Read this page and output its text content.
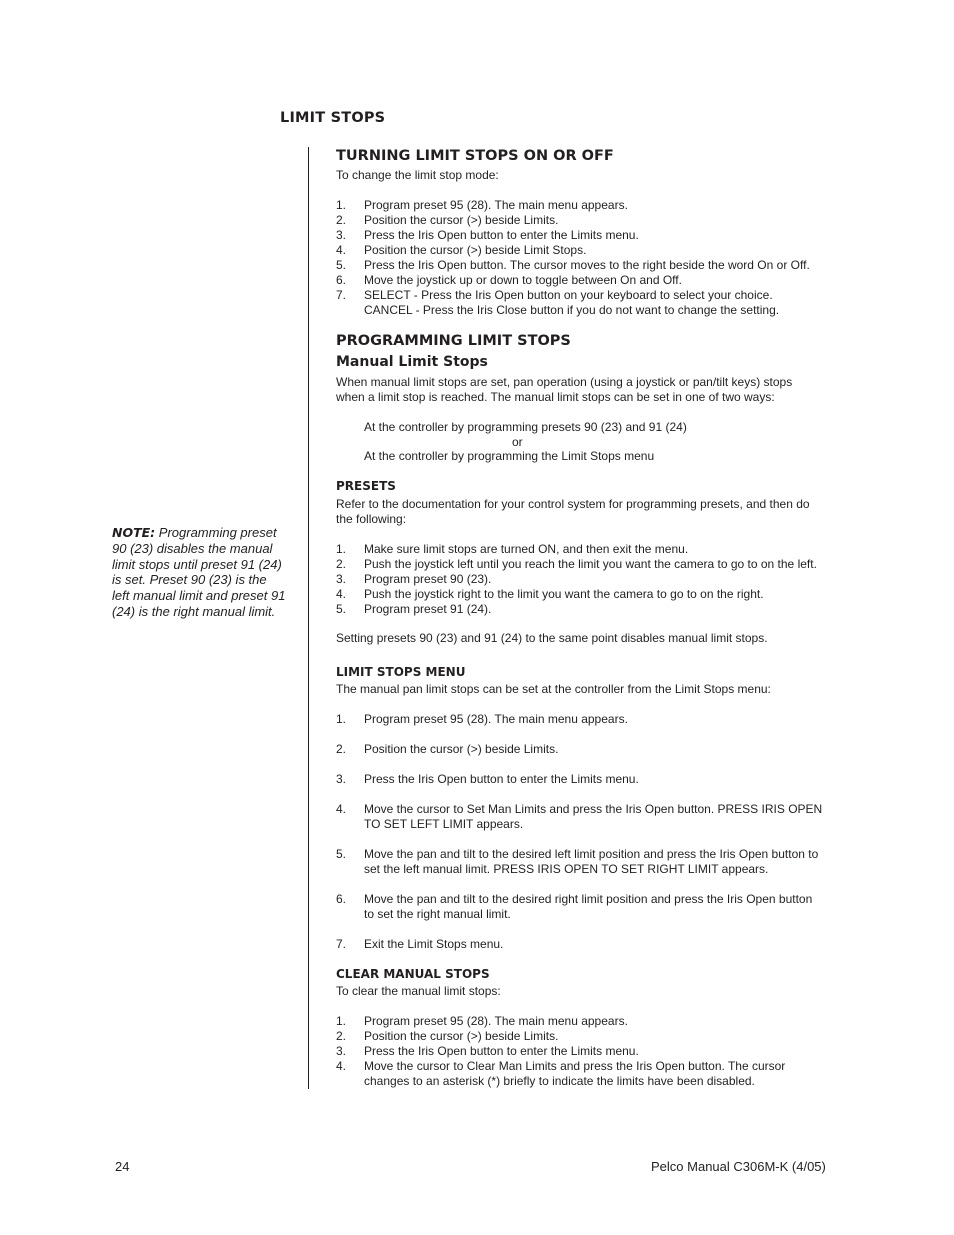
LIMIT STOPS
TURNING LIMIT STOPS ON OR OFF
To change the limit stop mode:
1. Program preset 95 (28). The main menu appears.
2. Position the cursor (>) beside Limits.
3. Press the Iris Open button to enter the Limits menu.
4. Position the cursor (>) beside Limit Stops.
5. Press the Iris Open button. The cursor moves to the right beside the word On or Off.
6. Move the joystick up or down to toggle between On and Off.
7. SELECT - Press the Iris Open button on your keyboard to select your choice.
CANCEL - Press the Iris Close button if you do not want to change the setting.
PROGRAMMING LIMIT STOPS
Manual Limit Stops
When manual limit stops are set, pan operation (using a joystick or pan/tilt keys) stops
when a limit stop is reached. The manual limit stops can be set in one of two ways:
At the controller by programming presets 90 (23) and 91 (24)
or
At the controller by programming the Limit Stops menu
PRESETS
Refer to the documentation for your control system for programming presets, and then do
the following:
1. Make sure limit stops are turned ON, and then exit the menu.
2. Push the joystick left until you reach the limit you want the camera to go to on the left.
3. Program preset 90 (23).
4. Push the joystick right to the limit you want the camera to go to on the right.
5. Program preset 91 (24).
Setting presets 90 (23) and 91 (24) to the same point disables manual limit stops.
LIMIT STOPS MENU
The manual pan limit stops can be set at the controller from the Limit Stops menu:
1. Program preset 95 (28). The main menu appears.
2. Position the cursor (>) beside Limits.
3. Press the Iris Open button to enter the Limits menu.
4. Move the cursor to Set Man Limits and press the Iris Open button. PRESS IRIS OPEN
TO SET LEFT LIMIT appears.
5. Move the pan and tilt to the desired left limit position and press the Iris Open button to
set the left manual limit. PRESS IRIS OPEN TO SET RIGHT LIMIT appears.
6. Move the pan and tilt to the desired right limit position and press the Iris Open button
to set the right manual limit.
7. Exit the Limit Stops menu.
CLEAR MANUAL STOPS
To clear the manual limit stops:
1. Program preset 95 (28). The main menu appears.
2. Position the cursor (>) beside Limits.
3. Press the Iris Open button to enter the Limits menu.
4. Move the cursor to Clear Man Limits and press the Iris Open button. The cursor
changes to an asterisk (*) briefly to indicate the limits have been disabled.
NOTE: Programming preset 90 (23) disables the manual limit stops until preset 91 (24) is set. Preset 90 (23) is the left manual limit and preset 91 (24) is the right manual limit.
24	Pelco Manual C306M-K (4/05)
